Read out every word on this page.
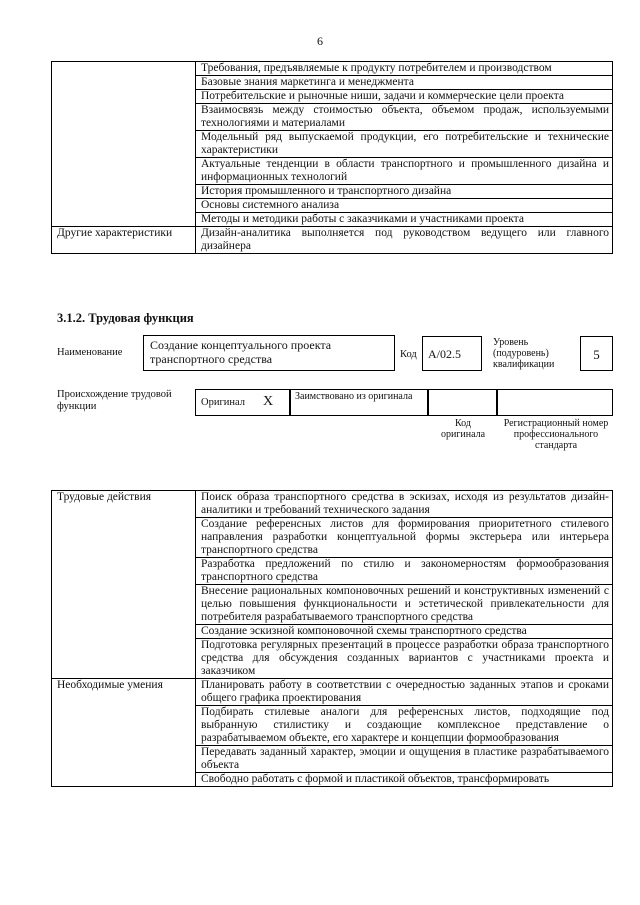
6
	Требования, предъявляемые к продукту потребителем и производством
	Базовые знания маркетинга и менеджмента
	Потребительские и рыночные ниши, задачи и коммерческие цели проекта
	Взаимосвязь между стоимостью объекта, объемом продаж, используемыми технологиями и материалами
	Модельный ряд выпускаемой продукции, его потребительские и технические характеристики
	Актуальные тенденции в области транспортного и промышленного дизайна и информационных технологий
	История промышленного и транспортного дизайна
	Основы системного анализа
	Методы и методики работы с заказчиками и участниками проекта
Другие характеристики	Дизайн-аналитика выполняется под руководством ведущего или главного дизайнера
3.1.2. Трудовая функция
Наименование
Создание концептуального проекта транспортного средства	Код А/02.5
Уровень (подуровень) квалификации
5
Происхождение трудовой функции	Оригинал X	Заимствовано из оригинала
Код оригинала
Регистрационный номер профессионального стандарта
Трудовые действия	Поиск образа транспортного средства в эскизах, исходя из результатов дизайн-аналитики и требований технического задания
	Создание референсных листов для формирования приоритетного стилевого направления разработки концептуальной формы экстерьера или интерьера транспортного средства
	Разработка предложений по стилю и закономерностям формообразования транспортного средства
	Внесение рациональных компоновочных решений и конструктивных изменений с целью повышения функциональности и эстетической привлекательности для потребителя разрабатываемого транспортного средства
	Создание эскизной компоновочной схемы транспортного средства
	Подготовка регулярных презентаций в процессе разработки образа транспортного средства для обсуждения созданных вариантов с участниками проекта и заказчиком
Необходимые умения	Планировать работу в соответствии с очередностью заданных этапов и сроками общего графика проектирования
	Подбирать стилевые аналоги для референсных листов, подходящие под выбранную стилистику и создающие комплексное представление о разрабатываемом объекте, его характере и концепции формообразования
	Передавать заданный характер, эмоции и ощущения в пластике разрабатываемого объекта
	Свободно работать с формой и пластикой объектов, трансформировать
